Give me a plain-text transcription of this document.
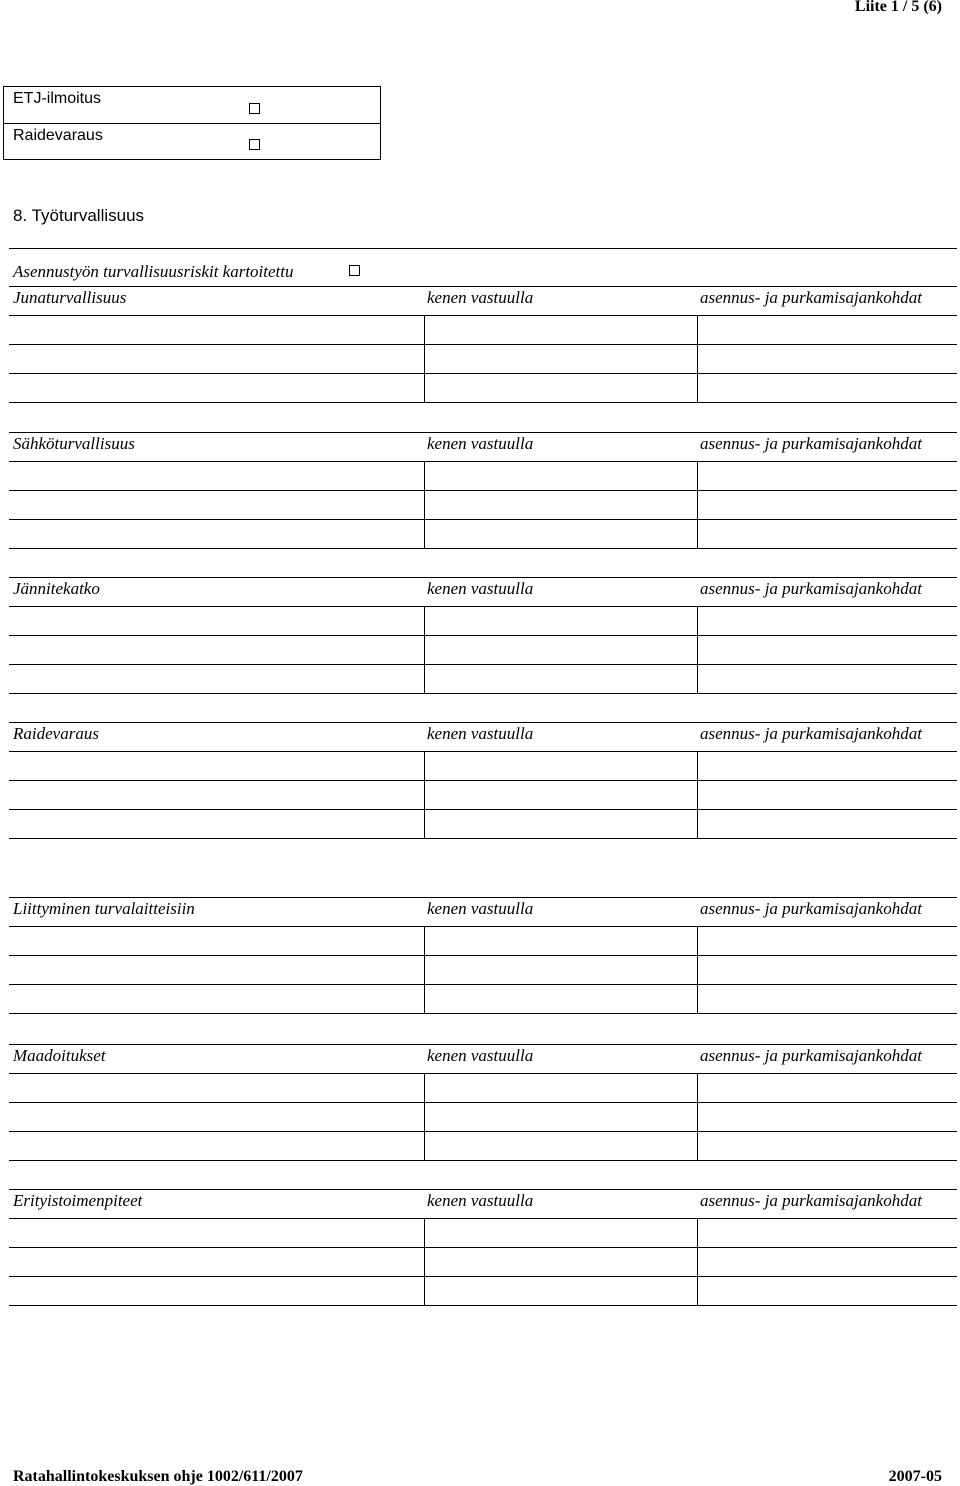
Liite 1 / 5 (6)
ETJ-ilmoitus
Raidevaraus
8. Työturvallisuus
Asennustyön turvallisuusriskit kartoitettu
Junaturvallisuus	kenen vastuulla	asennus- ja purkamisajankohdat
Sähköturvallisuus	kenen vastuulla	asennus- ja purkamisajankohdat
Jännitekatko	kenen vastuulla	asennus- ja purkamisajankohdat
Raidevaraus	kenen vastuulla	asennus- ja purkamisajankohdat
Liittyminen turvalaitteisiin	kenen vastuulla	asennus- ja purkamisajankohdat
Maadoitukset	kenen vastuulla	asennus- ja purkamisajankohdat
Erityistoimenpiteet	kenen vastuulla	asennus- ja purkamisajankohdat
Ratahallintokeskuksen ohje 1002/611/2007	2007-05
